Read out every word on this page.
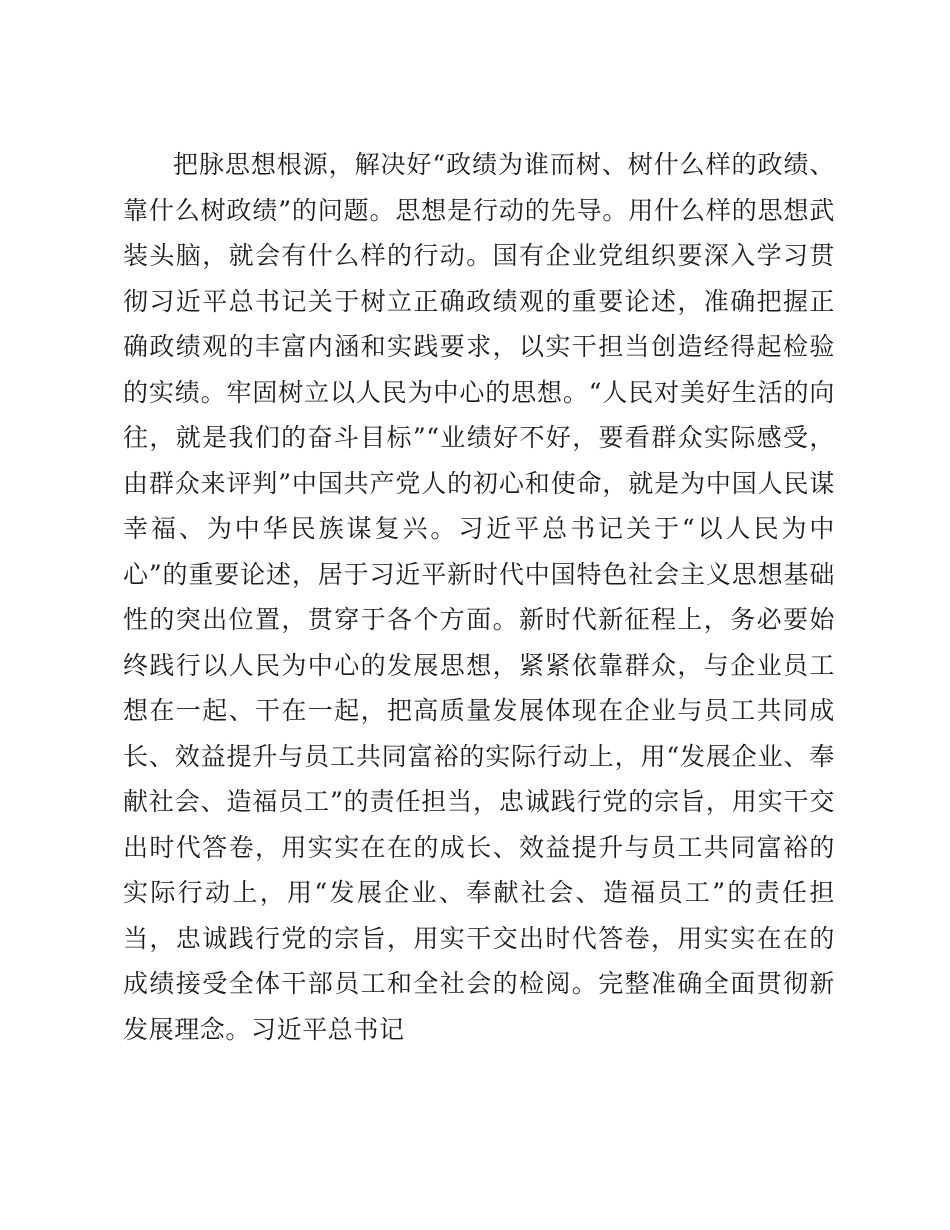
把脉思想根源，解决好“政绩为谁而树、树什么样的政绩、靠什么树政绩”的问题。思想是行动的先导。用什么样的思想武装头脑，就会有什么样的行动。国有企业党组织要深入学习贯彻习近平总书记关于树立正确政绩观的重要论述，准确把握正确政绩观的丰富内涵和实践要求，以实干担当创造经得起检验的实绩。牢固树立以人民为中心的思想。“人民对美好生活的向往，就是我们的奋斗目标”“业绩好不好，要看群众实际感受，由群众来评判”中国共产党人的初心和使命，就是为中国人民谋幸福、为中华民族谋复兴。习近平总书记关于“以人民为中心”的重要论述，居于习近平新时代中国特色社会主义思想基础性的突出位置，贯穿于各个方面。新时代新征程上，务必要始终践行以人民为中心的发展思想，紧紧依靠群众，与企业员工想在一起、干在一起，把高质量发展体现在企业与员工共同成长、效益提升与员工共同富裕的实际行动上，用“发展企业、奉献社会、造福员工”的责任担当，忠诚践行党的宗旨，用实干交出时代答卷，用实实在在的成长、效益提升与员工共同富裕的实际行动上，用“发展企业、奉献社会、造福员工”的责任担当，忠诚践行党的宗旨，用实干交出时代答卷，用实实在在的成绩接受全体干部员工和全社会的检阅。完整准确全面贯彻新发展理念。习近平总书记
